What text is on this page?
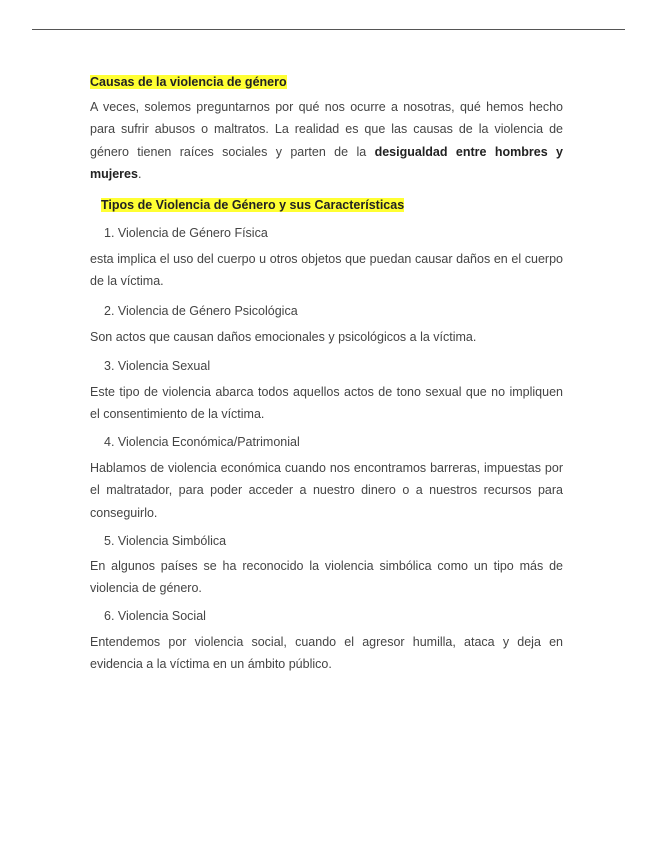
Causas de la violencia de género

A veces, solemos preguntarnos por qué nos ocurre a nosotras, qué hemos hecho para sufrir abusos o maltratos. La realidad es que las causas de la violencia de género tienen raíces sociales y parten de la desigualdad entre hombres y mujeres.

Tipos de Violencia de Género y sus Características
1. Violencia de Género Física

esta implica el uso del cuerpo u otros objetos que puedan causar daños en el cuerpo de la víctima.

2. Violencia de Género Psicológica

Son actos que causan daños emocionales y psicológicos a la víctima.

3. Violencia Sexual

Este tipo de violencia abarca todos aquellos actos de tono sexual que no impliquen el consentimiento de la víctima.

4. Violencia Económica/Patrimonial

Hablamos de violencia económica cuando nos encontramos barreras, impuestas por el maltratador, para poder acceder a nuestro dinero o a nuestros recursos para conseguirlo.

5. Violencia Simbólica

En algunos países se ha reconocido la violencia simbólica como un tipo más de violencia de género.

6. Violencia Social

Entendemos por violencia social, cuando el agresor humilla, ataca y deja en evidencia a la víctima en un ámbito público.
